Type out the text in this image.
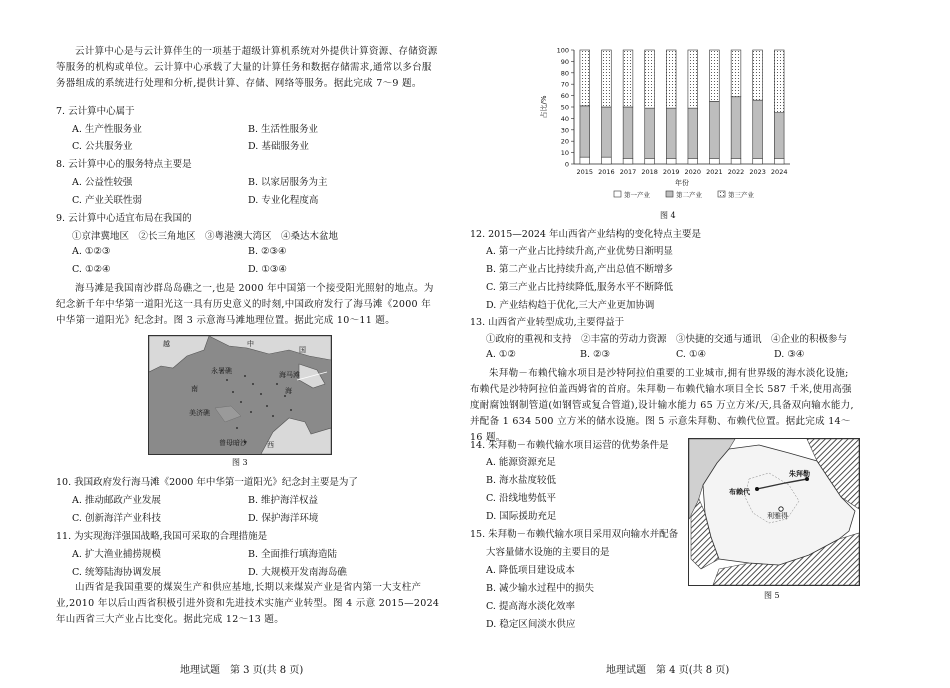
云计算中心是与云计算伴生的一项基于超级计算机系统对外提供计算资源、存储资源等服务的机构或单位。云计算中心承载了大量的计算任务和数据存储需求,通常以多台服务器组成的系统进行处理和分析,提供计算、存储、网络等服务。据此完成 7～9 题。
7. 云计算中心属于
A. 生产性服务业	B. 生活性服务业
C. 公共服务业	D. 基础服务业
8. 云计算中心的服务特点主要是
A. 公益性较强	B. 以家居服务为主
C. 产业关联性弱	D. 专业化程度高
9. 云计算中心适宜布局在我国的
①京津冀地区　②长三角地区　③粤港澳大湾区　④桑达木盆地
A. ①②③	B. ②③④
C. ①②④	D. ①③④
海马滩是我国南沙群岛岛礁之一,也是 2000 年中国第一个接受阳光照射的地点。为纪念新千年中华第一道阳光这一具有历史意义的时刻,中国政府发行了海马滩《2000 年中华第一道阳光》纪念封。图 3 示意海马滩地理位置。据此完成 10～11 题。
越	中
国
海马滩
永暑礁
南	海
美济礁
曾母暗沙	西
图 3
10. 我国政府发行海马滩《2000 年中华第一道阳光》纪念封主要是为了
A. 推动邮政产业发展	B. 维护海洋权益
C. 创新海洋产业科技	D. 保护海洋环境
11. 为实现海洋强国战略,我国可采取的合理措施是
A. 扩大渔业捕捞规模	B. 全面推行填海造陆
C. 统筹陆海协调发展	D. 大规模开发南海岛礁
山西省是我国重要的煤炭生产和供应基地,长期以来煤炭产业是省内第一大支柱产业,2010 年以后山西省积极引进外资和先进技术实施产业转型。图 4 示意 2015—2024 年山西省三大产业占比变化。据此完成 12～13 题。
地理试题　第 3 页(共 8 页)
0
10
20
30
40
50
60
70
80
90
100
占比/%
2015 2016 2017 2018 2019 2020 2021 2022 2023 2024
年份
第一产业	第二产业	第三产业
图 4
12. 2015—2024 年山西省产业结构的变化特点主要是
A. 第一产业占比持续升高,产业优势日渐明显
B. 第二产业占比持续升高,产出总值不断增多
C. 第三产业占比持续降低,服务水平不断降低
D. 产业结构趋于优化,三大产业更加协调
13. 山西省产业转型成功,主要得益于
①政府的重视和支持　②丰富的劳动力资源　③快捷的交通与通讯　④企业的积极参与
A. ①②	B. ②③	C. ①④	D. ③④
朱拜勒－布赖代输水项目是沙特阿拉伯重要的工业城市,拥有世界级的海水淡化设施;布赖代是沙特阿拉伯盖西姆省的首府。朱拜勒－布赖代输水项目全长 587 千米,使用高强度耐腐蚀钢制管道(如钢管或复合管道),设计输水能力 65 万立方米/天,具备双向输水能力,并配备 1 634 500 立方米的储水设施。图 5 示意朱拜勒、布赖代位置。据此完成 14～16 题。
14. 朱拜勒－布赖代输水项目运营的优势条件是
A. 能源资源充足
B. 海水盐度较低
C. 沿线地势低平
D. 国际援助充足
15. 朱拜勒－布赖代输水项目采用双向输水并配备
大容量储水设施的主要目的是
A. 降低项目建设成本
B. 减少输水过程中的损失
C. 提高海水淡化效率
D. 稳定区间淡水供应
布赖代
朱拜勒
利雅得
图 5
地理试题　第 4 页(共 8 页)
